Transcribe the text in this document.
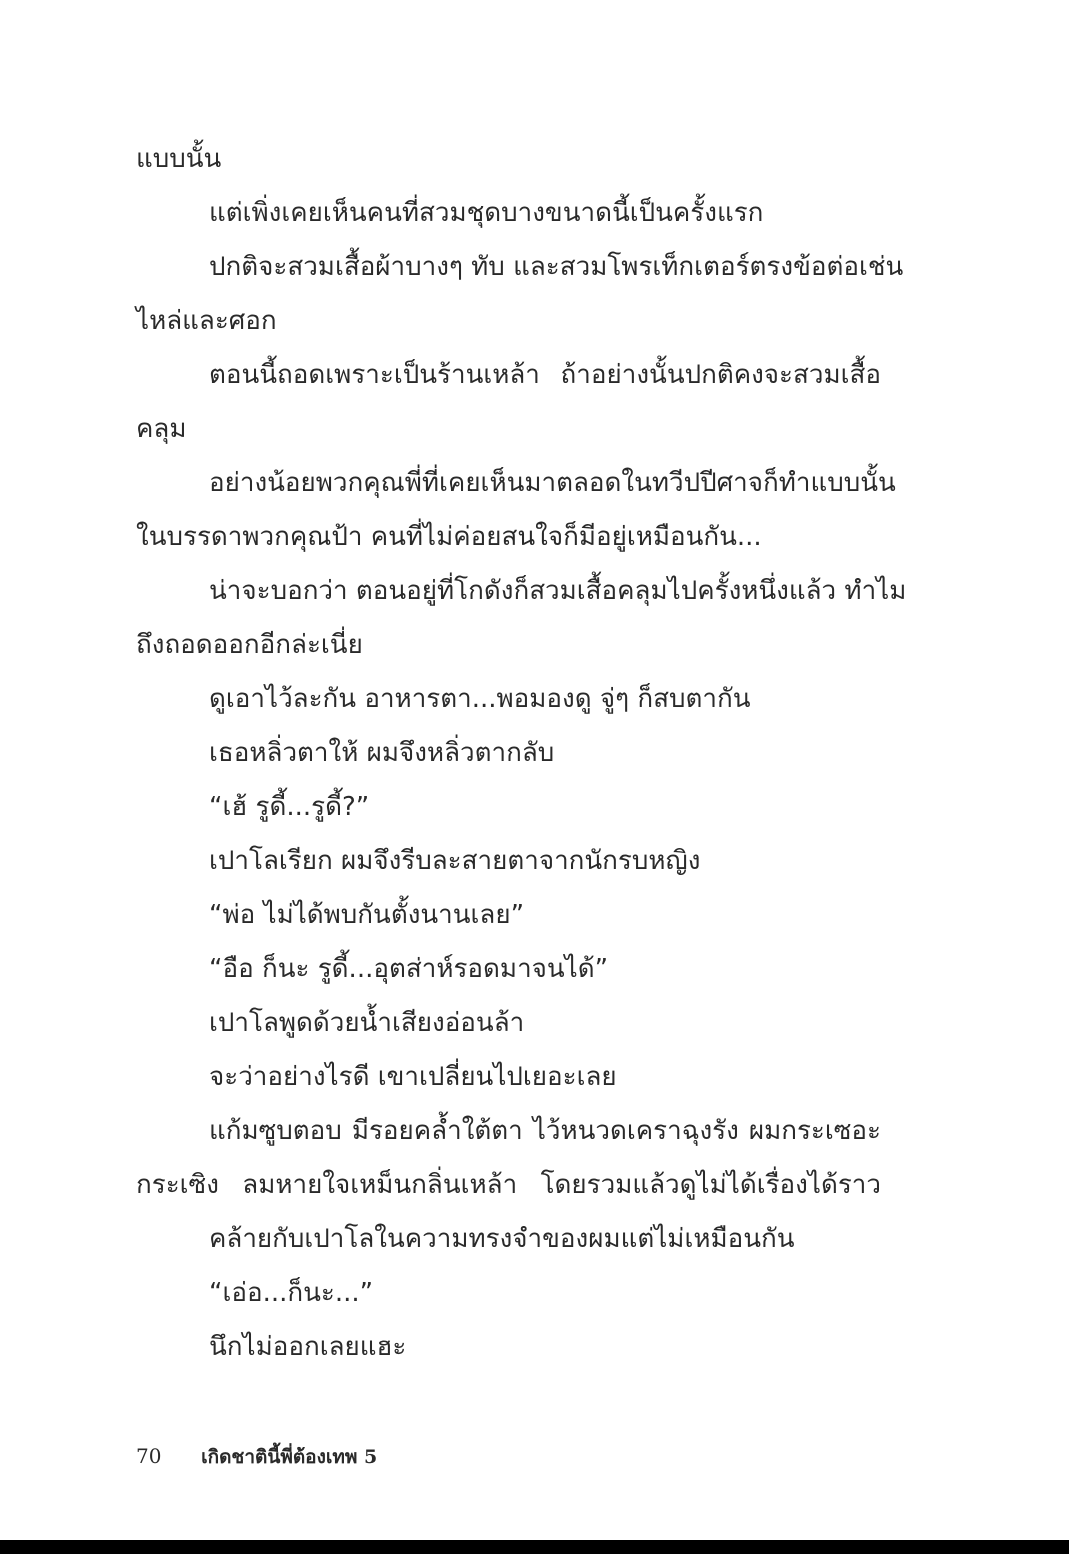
แบบนั้น
แต่เพิ่งเคยเห็นคนที่สวมชุดบางขนาดนี้เป็นครั้งแรก
ปกติจะสวมเสื้อผ้าบางๆ ทับ และสวมโพรเท็กเตอร์ตรงข้อต่อเช่น
ไหล่และศอก
ตอนนี้ถอดเพราะเป็นร้านเหล้า ถ้าอย่างนั้นปกติคงจะสวมเสื้อ
คลุม
อย่างน้อยพวกคุณพี่ที่เคยเห็นมาตลอดในทวีปปีศาจก็ทำแบบนั้น
ในบรรดาพวกคุณป้า คนที่ไม่ค่อยสนใจก็มีอยู่เหมือนกัน...
น่าจะบอกว่า ตอนอยู่ที่โกดังก็สวมเสื้อคลุมไปครั้งหนึ่งแล้ว ทำไม
ถึงถอดออกอีกล่ะเนี่ย
ดูเอาไว้ละกัน อาหารตา...พอมองดู จู่ๆ ก็สบตากัน
เธอหลิ่วตาให้ ผมจึงหลิ่วตากลับ
“เฮ้ รูดี้...รูดี้?”
เปาโลเรียก ผมจึงรีบละสายตาจากนักรบหญิง
“พ่อ ไม่ได้พบกันตั้งนานเลย”
“อือ ก็นะ รูดี้...อุตส่าห์รอดมาจนได้”
เปาโลพูดด้วยน้ำเสียงอ่อนล้า
จะว่าอย่างไรดี เขาเปลี่ยนไปเยอะเลย
แก้มซูบตอบ มีรอยคล้ำใต้ตา ไว้หนวดเคราฉุงรัง ผมกระเซอะ
กระเซิง ลมหายใจเหม็นกลิ่นเหล้า โดยรวมแล้วดูไม่ได้เรื่องได้ราว
คล้ายกับเปาโลในความทรงจำของผมแต่ไม่เหมือนกัน
“เอ่อ...ก็นะ...”
นึกไม่ออกเลยแฮะ
70 เกิดชาตินี้พี่ต้องเทพ 5
